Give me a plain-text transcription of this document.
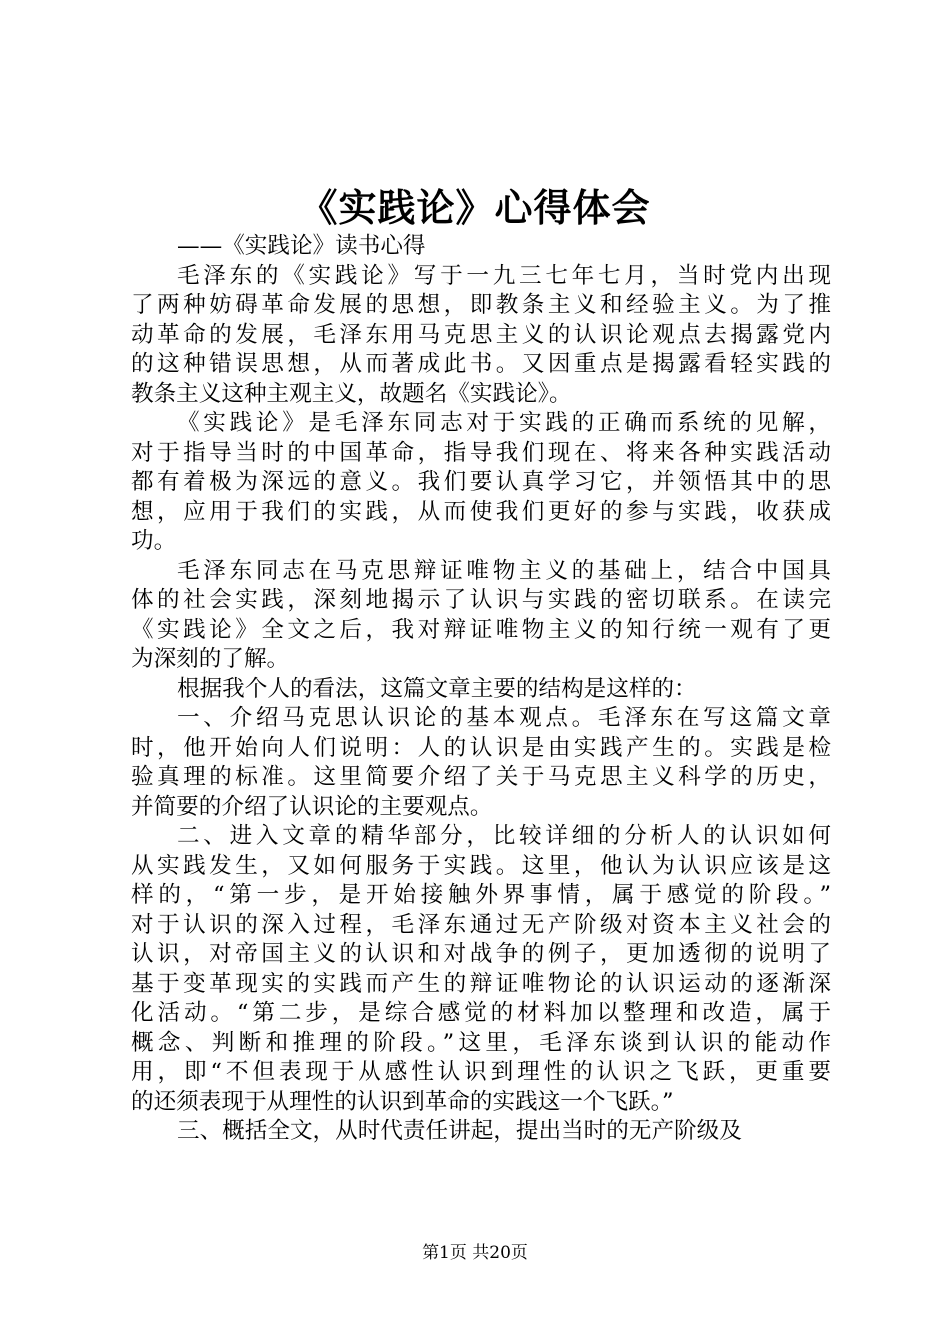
《实践论》心得体会
——《实践论》读书心得
毛泽东的《实践论》写于一九三七年七月，当时党内出现
了两种妨碍革命发展的思想，即教条主义和经验主义。为了推
动革命的发展，毛泽东用马克思主义的认识论观点去揭露党内
的这种错误思想，从而著成此书。又因重点是揭露看轻实践的
教条主义这种主观主义，故题名《实践论》。
《实践论》是毛泽东同志对于实践的正确而系统的见解，
对于指导当时的中国革命，指导我们现在、将来各种实践活动
都有着极为深远的意义。我们要认真学习它，并领悟其中的思
想，应用于我们的实践，从而使我们更好的参与实践，收获成
功。
毛泽东同志在马克思辩证唯物主义的基础上，结合中国具
体的社会实践，深刻地揭示了认识与实践的密切联系。在读完
《实践论》全文之后，我对辩证唯物主义的知行统一观有了更
为深刻的了解。
根据我个人的看法，这篇文章主要的结构是这样的：
一、介绍马克思认识论的基本观点。毛泽东在写这篇文章
时，他开始向人们说明：人的认识是由实践产生的。实践是检
验真理的标准。这里简要介绍了关于马克思主义科学的历史，
并简要的介绍了认识论的主要观点。
二、进入文章的精华部分，比较详细的分析人的认识如何
从实践发生，又如何服务于实践。这里，他认为认识应该是这
样的，“第一步，是开始接触外界事情，属于感觉的阶段。”
对于认识的深入过程，毛泽东通过无产阶级对资本主义社会的
认识，对帝国主义的认识和对战争的例子，更加透彻的说明了
基于变革现实的实践而产生的辩证唯物论的认识运动的逐渐深
化活动。“第二步，是综合感觉的材料加以整理和改造，属于
概念、判断和推理的阶段。”这里，毛泽东谈到认识的能动作
用，即“不但表现于从感性认识到理性的认识之飞跃，更重要
的还须表现于从理性的认识到革命的实践这一个飞跃。”
三、概括全文，从时代责任讲起，提出当时的无产阶级及
第1页 共20页
